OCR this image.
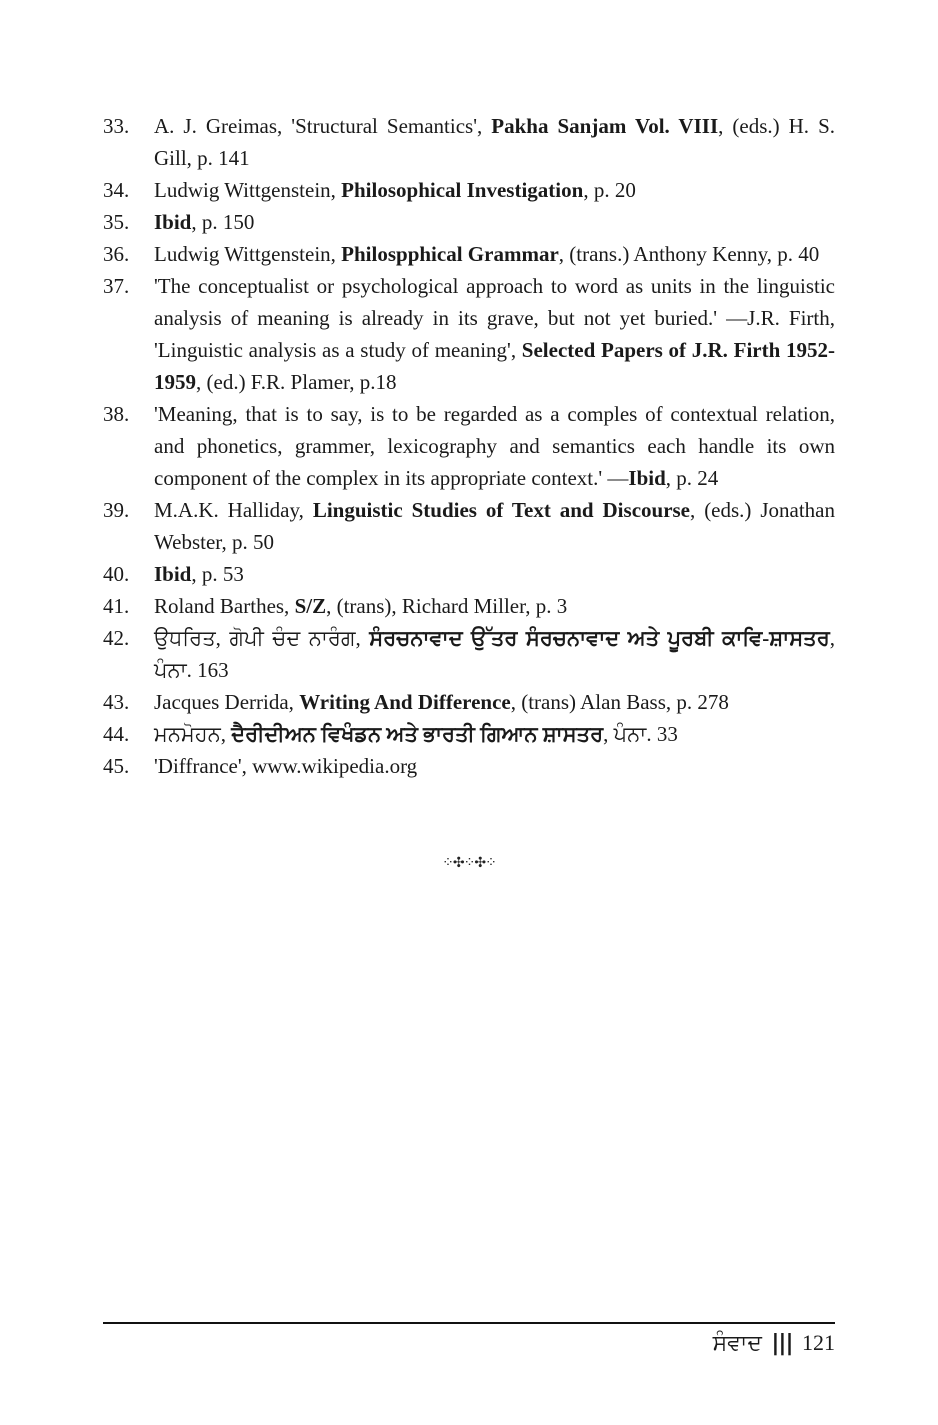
33.	A. J. Greimas, 'Structural Semantics', Pakha Sanjam Vol. VIII, (eds.) H. S. Gill, p. 141
34.	Ludwig Wittgenstein, Philosophical Investigation, p. 20
35.	Ibid, p. 150
36.	Ludwig Wittgenstein, Philospphical Grammar, (trans.) Anthony Kenny, p. 40
37.	'The conceptualist or psychological approach to word as units in the linguistic analysis of meaning is already in its grave, but not yet buried.' —J.R. Firth, 'Linguistic analysis as a study of meaning', Selected Papers of J.R. Firth 1952-1959, (ed.) F.R. Plamer, p.18
38.	'Meaning, that is to say, is to be regarded as a comples of contextual relation, and phonetics, grammer, lexicography and semantics each handle its own component of the complex in its appropriate context.' —Ibid, p. 24
39.	M.A.K. Halliday, Linguistic Studies of Text and Discourse, (eds.) Jonathan Webster, p. 50
40.	Ibid, p. 53
41.	Roland Barthes, S/Z, (trans), Richard Miller, p. 3
42.	ਉਧਰਿਤ, ਗੋਪੀ ਚੰਦ ਨਾਰੰਗ, ਸੰਰਚਨਾਵਾਦ ਉੱਤਰ ਸੰਰਚਨਾਵਾਦ ਅਤੇ ਪੂਰਬੀ ਕਾਵਿ-ਸ਼ਾਸਤਰ, ਪੰਨਾ. 163
43.	Jacques Derrida, Writing And Difference, (trans) Alan Bass, p. 278
44.	ਮਨਮੋਹਨ, ਦੈਰੀਦੀਅਨ ਵਿਖੰਡਨ ਅਤੇ ਭਾਰਤੀ ਗਿਆਨ ਸ਼ਾਸਤਰ, ਪੰਨਾ. 33
45.	'Diffrance', www.wikipedia.org
⁘✣⁘✣⁘
ਸੰਵਾਦ ||| 121
